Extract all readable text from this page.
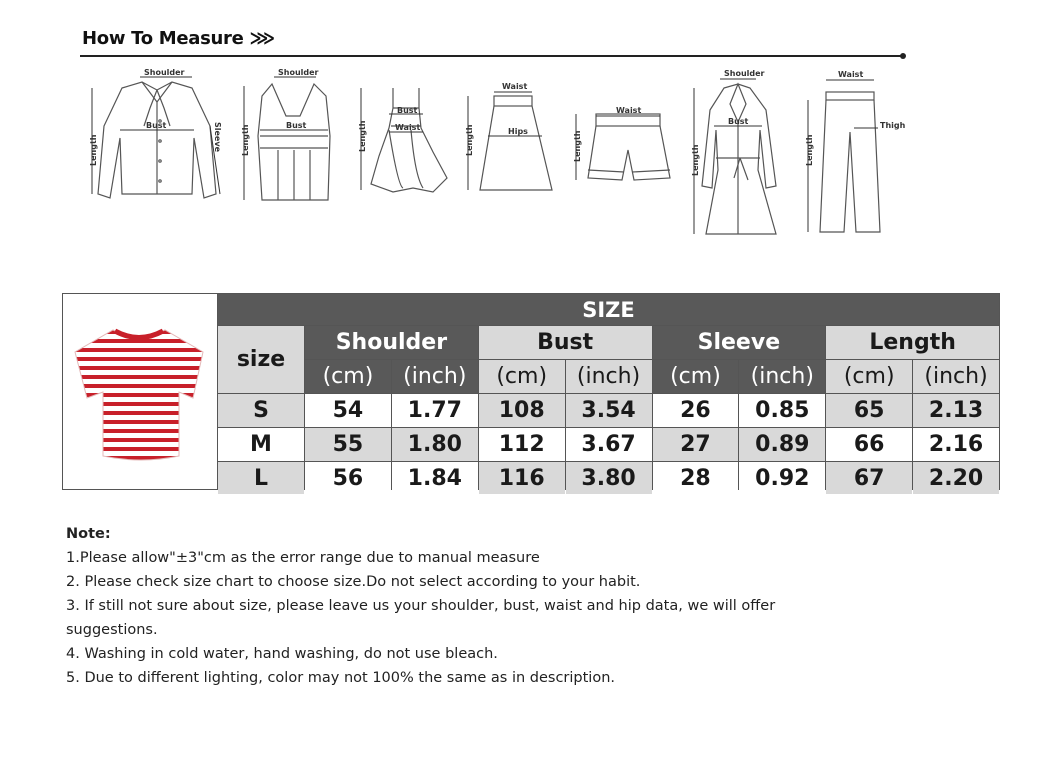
How To Measure ⋙
Shoulder
Bust
Length	Sleeve
Shoulder
Bust
Length
Bust
Waist
Length
Waist
Hips
Length
Waist
Length
Shoulder
Bust
Length
Waist
Thigh
Length
SIZE
size
Shoulder	Bust	Sleeve	Length
(cm)	(inch)	(cm)	(inch)	(cm)	(inch)	(cm)	(inch)
S	54	1.77	108	3.54	26	0.85	65	2.13
M	55	1.80	112	3.67	27	0.89	66	2.16
L	56	1.84	116	3.80	28	0.92	67	2.20
Note:
1.Please allow"±3"cm as the error range due to manual measure
2. Please check size chart to choose size.Do not select according to your habit.
3. If still not sure about size, please leave us your shoulder, bust, waist and hip data, we will offer
suggestions.
4. Washing in cold water, hand washing, do not use bleach.
5. Due to different lighting, color may not 100% the same as in description.
